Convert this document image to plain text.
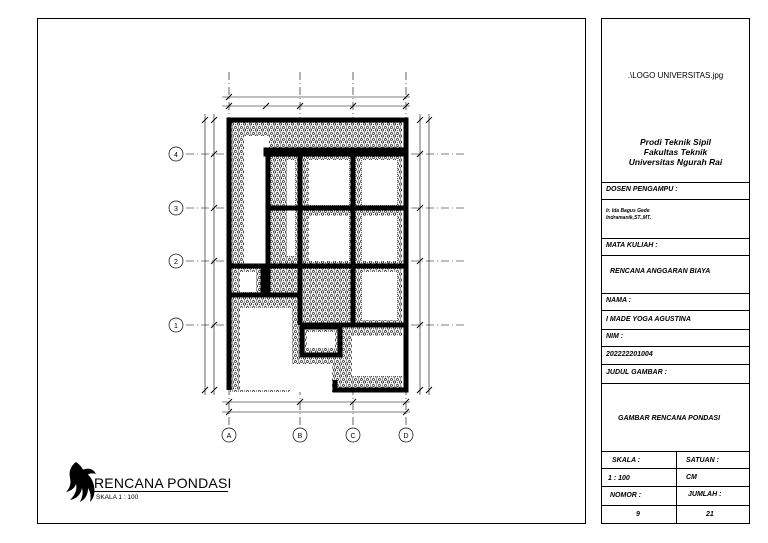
A	B	C	D
4
3
2
1
RENCANA PONDASI
SKALA 1 : 100
.\LOGO UNIVERSITAS.jpg
Prodi Teknik Sipil
Fakultas Teknik
Universitas Ngurah Rai
DOSEN PENGAMPU :
Ir. Ida Bagus Gede
Indramanik,ST.,MT.
MATA KULIAH :
RENCANA ANGGARAN BIAYA
NAMA :
I MADE YOGA AGUSTINA
NIM :
202222201004
JUDUL GAMBAR :
GAMBAR RENCANA PONDASI
SKALA :	SATUAN :
1 : 100	CM
NOMOR :	JUMLAH :
9	21
